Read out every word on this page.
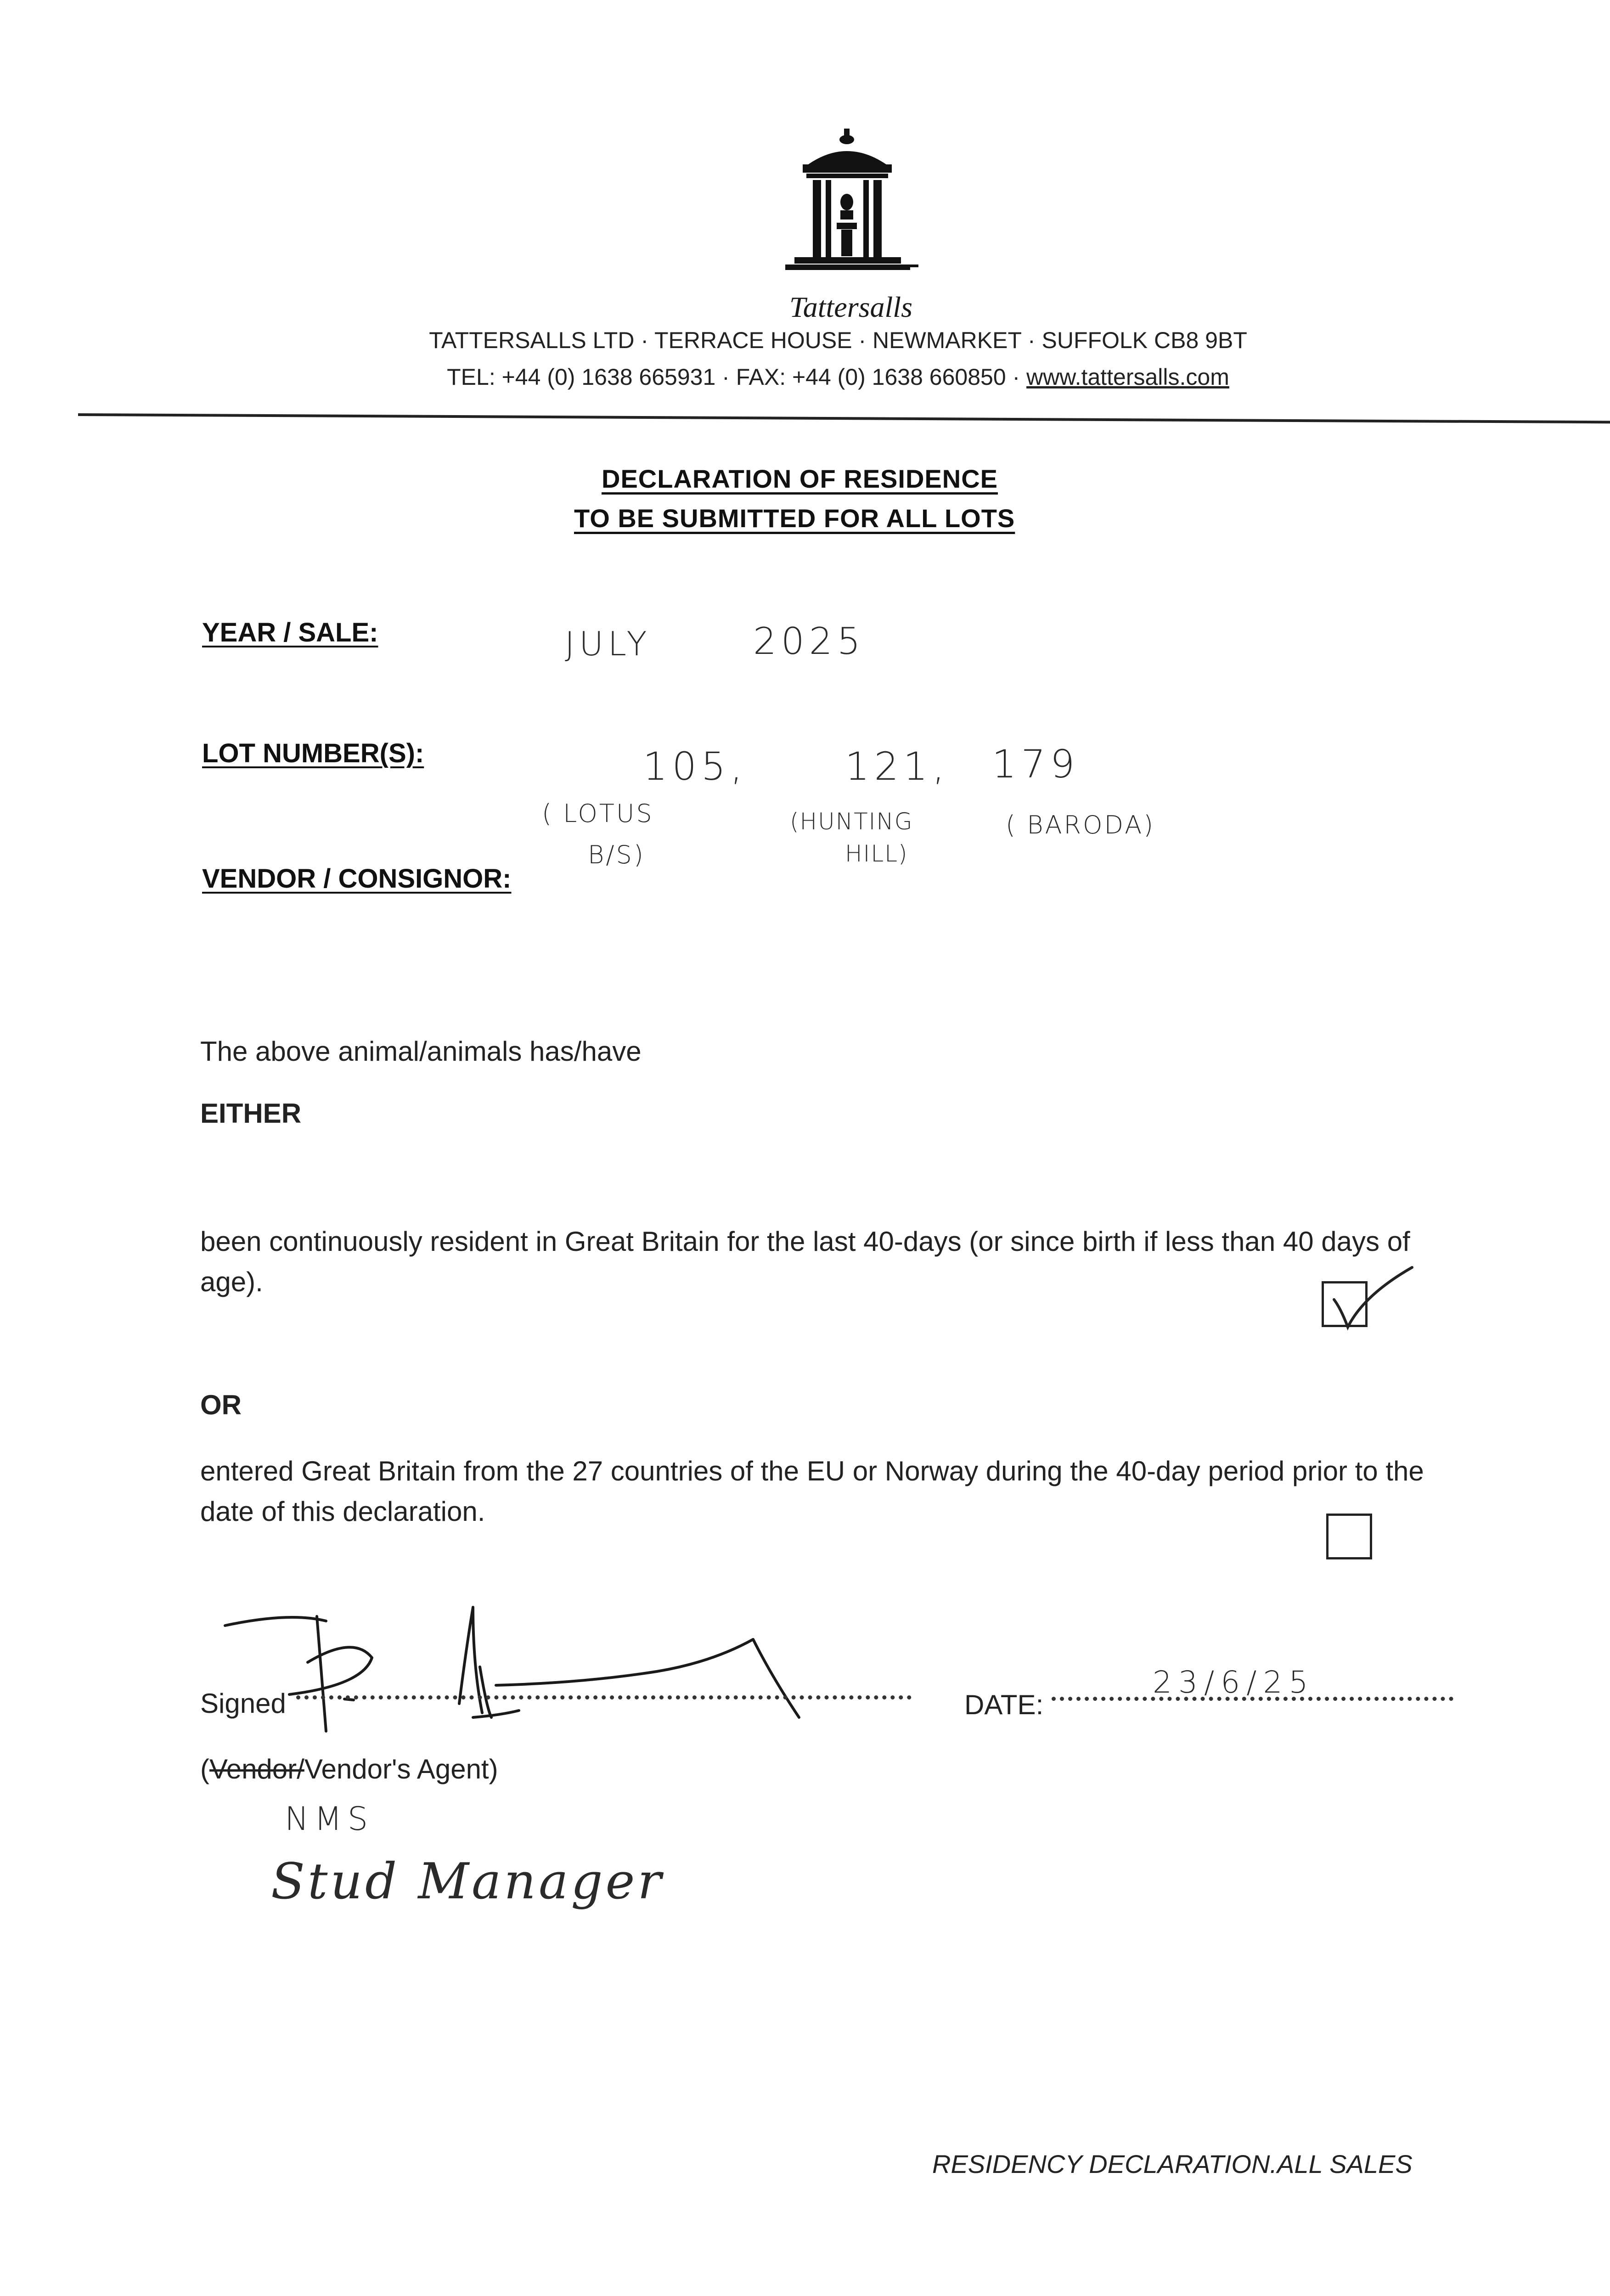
Tattersalls
TATTERSALLS LTD · TERRACE HOUSE · NEWMARKET · SUFFOLK CB8 9BT
TEL: +44 (0) 1638 665931 · FAX: +44 (0) 1638 660850 · www.tattersalls.com
DECLARATION OF RESIDENCE
TO BE SUBMITTED FOR ALL LOTS
YEAR / SALE:	JULY	2025
LOT NUMBER(S):	105,	121, 179
( LOTUS
B/S)
(HUNTING
HILL)
( BARODA)
VENDOR / CONSIGNOR:
The above animal/animals has/have
EITHER
been continuously resident in Great Britain for the last 40-days (or since birth if less than 40 days of age).
OR
entered Great Britain from the 27 countries of the EU or Norway during the 40-day period prior to the date of this declaration.
Signed	DATE:
23/6/25
(Vendor/Vendor's Agent)
NMS
Stud Manager
RESIDENCY DECLARATION.ALL SALES
